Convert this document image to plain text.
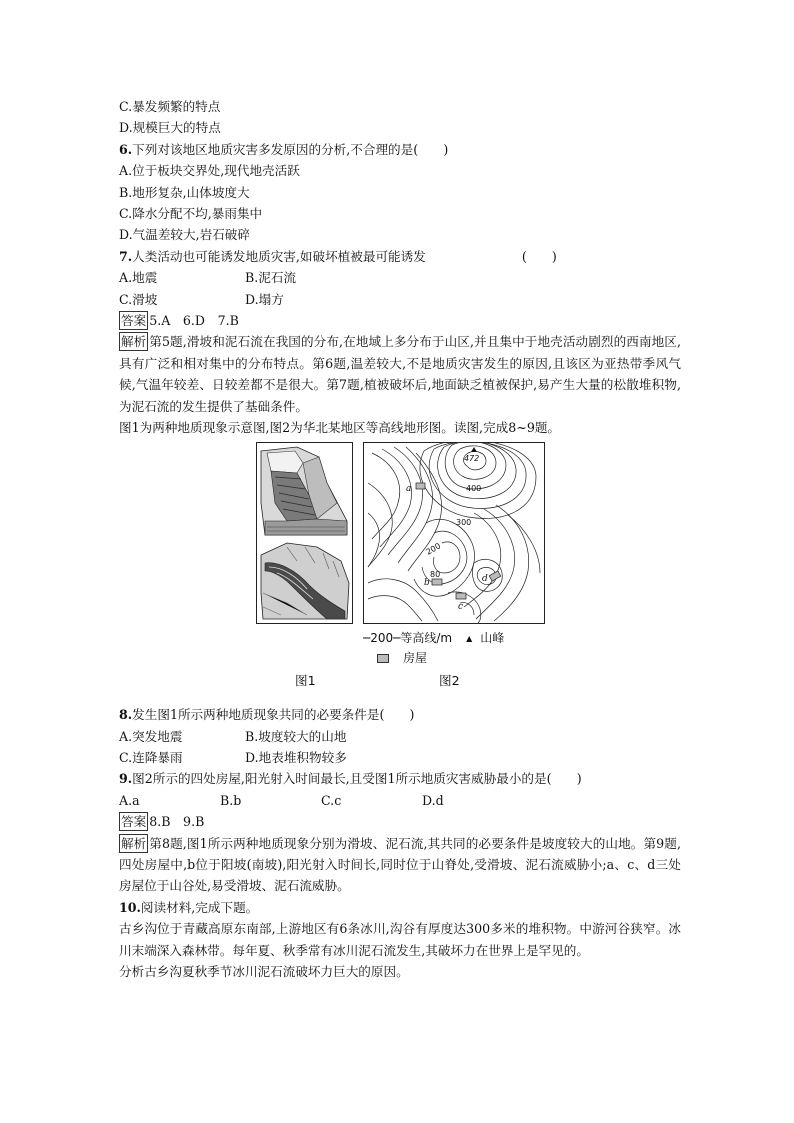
C.暴发频繁的特点
D.规模巨大的特点
6.下列对该地区地质灾害多发原因的分析,不合理的是(　　)
A.位于板块交界处,现代地壳活跃
B.地形复杂,山体坡度大
C.降水分配不均,暴雨集中
D.气温差较大,岩石破碎
7.人类活动也可能诱发地质灾害,如破坏植被最可能诱发	(　　)
A.地震	B.泥石流
C.滑坡	D.塌方
答案 5.A　6.D　7.B
解析 第5题,滑坡和泥石流在我国的分布,在地域上多分布于山区,并且集中于地壳活动剧烈的西南地区,具有广泛和相对集中的分布特点。第6题,温差较大,不是地质灾害发生的原因,且该区为亚热带季风气候,气温年较差、日较差都不是很大。第7题,植被破坏后,地面缺乏植被保护,易产生大量的松散堆积物,为泥石流的发生提供了基础条件。
图1为两种地质现象示意图,图2为华北某地区等高线地形图。读图,完成8~9题。
472
400
300
200
80
a
b
c
d
─200─等高线/m ▲ 山峰
房屋
图1	图2
8.发生图1所示两种地质现象共同的必要条件是(　　)
A.突发地震	B.坡度较大的山地
C.连降暴雨	D.地表堆积物较多
9.图2所示的四处房屋,阳光射入时间最长,且受图1所示地质灾害威胁最小的是(　　)
A.a	B.b	C.c	D.d
答案 8.B　9.B
解析 第8题,图1所示两种地质现象分别为滑坡、泥石流,其共同的必要条件是坡度较大的山地。第9题,四处房屋中,b位于阳坡(南坡),阳光射入时间长,同时位于山脊处,受滑坡、泥石流威胁小;a、c、d三处房屋位于山谷处,易受滑坡、泥石流威胁。
10.阅读材料,完成下题。
古乡沟位于青藏高原东南部,上游地区有6条冰川,沟谷有厚度达300多米的堆积物。中游河谷狭窄。冰川末端深入森林带。每年夏、秋季常有冰川泥石流发生,其破坏力在世界上是罕见的。
分析古乡沟夏秋季节冰川泥石流破坏力巨大的原因。
